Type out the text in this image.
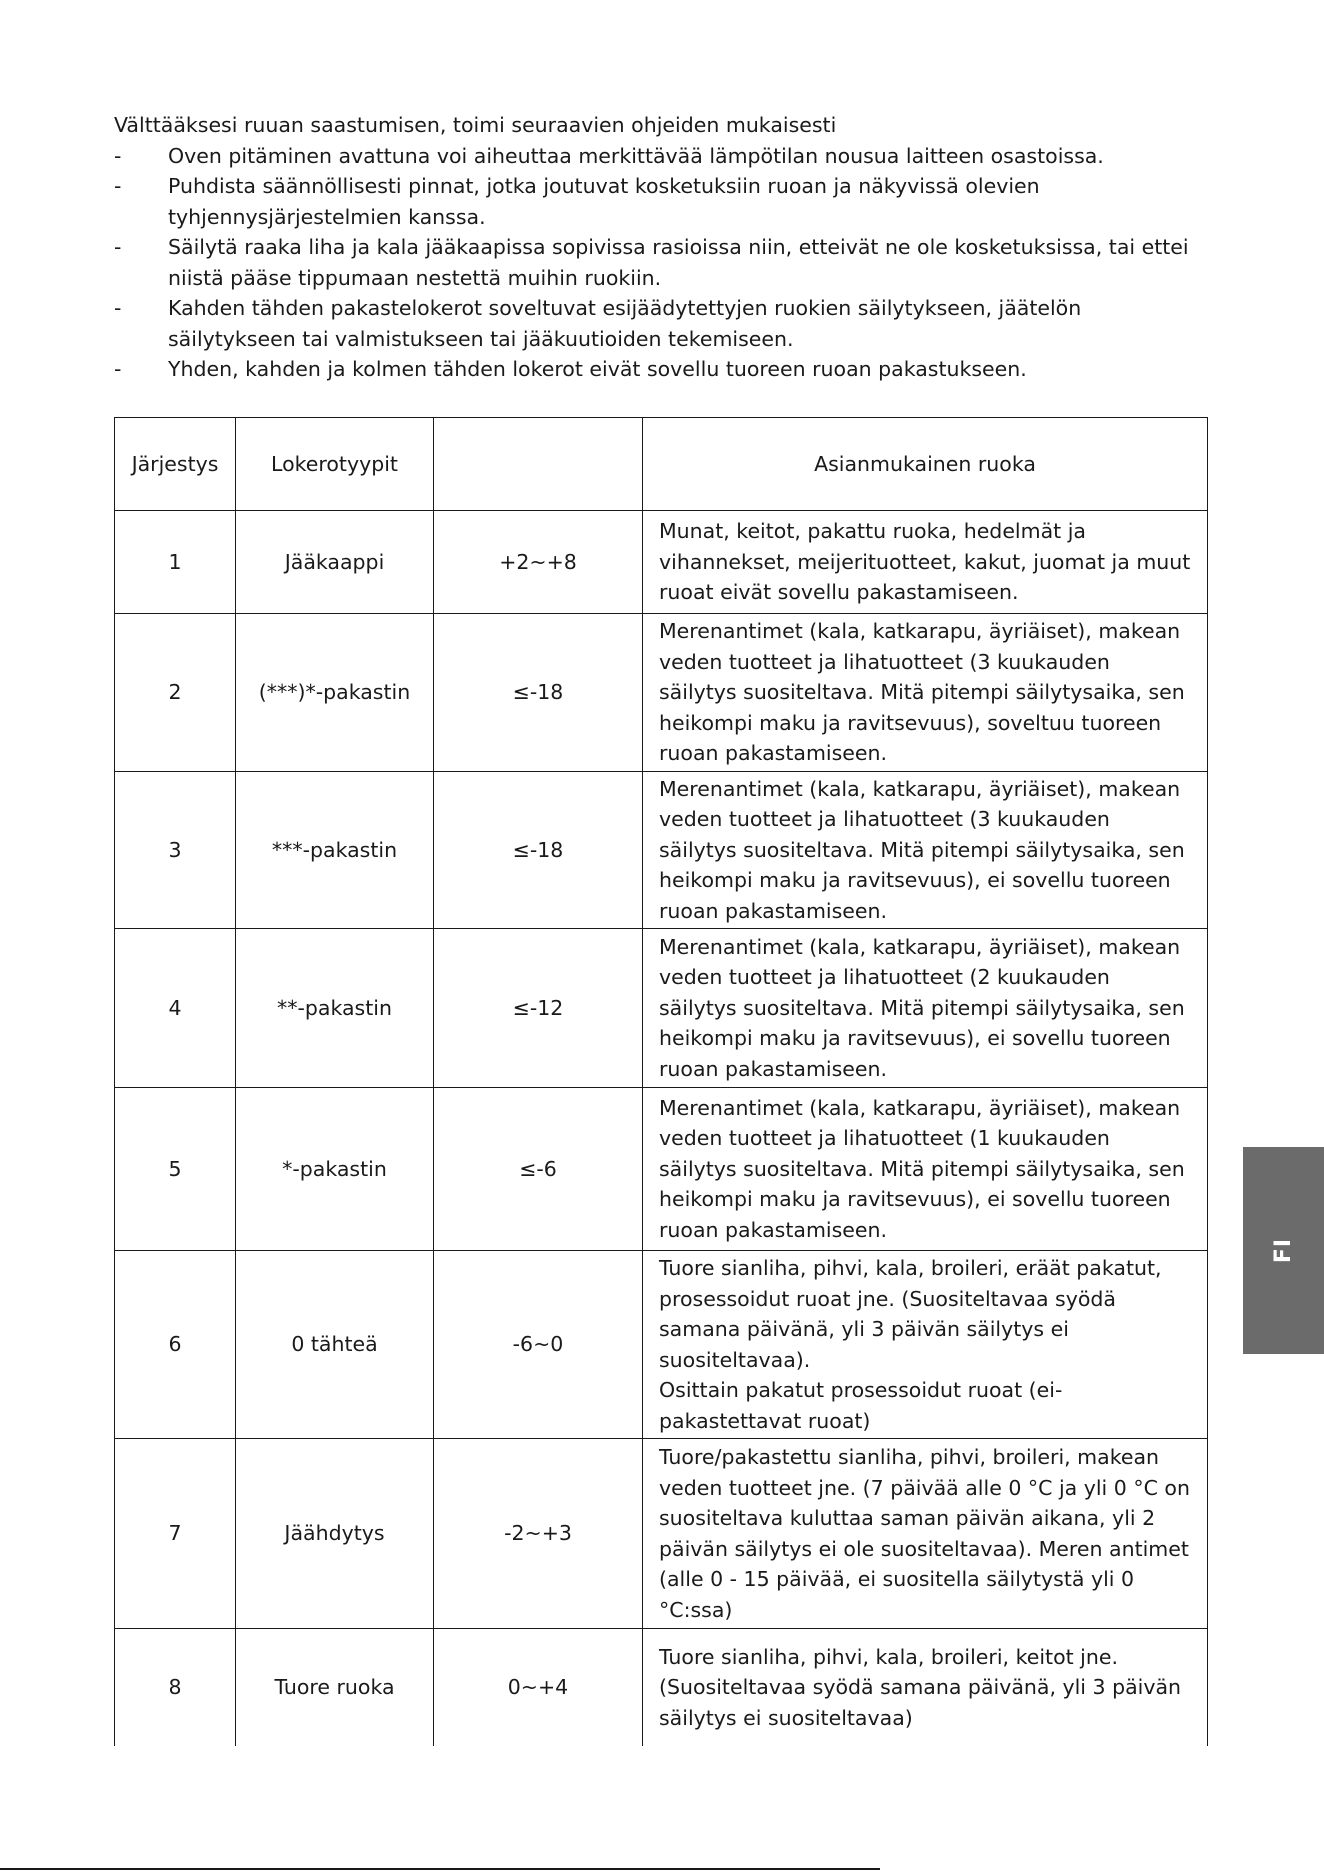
Välttääksesi ruuan saastumisen, toimi seuraavien ohjeiden mukaisesti

- Oven pitäminen avattuna voi aiheuttaa merkittävää lämpötilan nousua laitteen osastoissa.
- Puhdista säännöllisesti pinnat, jotka joutuvat kosketuksiin ruoan ja näkyvissä olevien tyhjennysjärjestelmien kanssa.
- Säilytä raaka liha ja kala jääkaapissa sopivissa rasioissa niin, etteivät ne ole kosketuksissa, tai ettei niistä pääse tippumaan nestettä muihin ruokiin.
- Kahden tähden pakastelokerot soveltuvat esijäädytettyjen ruokien säilytykseen, jäätelön säilytykseen tai valmistukseen tai jääkuutioiden tekemiseen.
- Yhden, kahden ja kolmen tähden lokerot eivät sovellu tuoreen ruoan pakastukseen.
Järjestys	Lokerotyypit		Asianmukainen ruoka
1	Jääkaappi	+2~+8	Munat, keitot, pakattu ruoka, hedelmät ja vihannekset, meijerituotteet, kakut, juomat ja muut ruoat eivät sovellu pakastamiseen.
2	(***)*-pakastin	≤-18	Merenantimet (kala, katkarapu, äyriäiset), makean veden tuotteet ja lihatuotteet (3 kuukauden säilytys suositeltava. Mitä pitempi säilytysaika, sen heikompi maku ja ravitsevuus), soveltuu tuoreen ruoan pakastamiseen.
3	***-pakastin	≤-18	Merenantimet (kala, katkarapu, äyriäiset), makean veden tuotteet ja lihatuotteet (3 kuukauden säilytys suositeltava. Mitä pitempi säilytysaika, sen heikompi maku ja ravitsevuus), ei sovellu tuoreen ruoan pakastamiseen.
4	**-pakastin	≤-12	Merenantimet (kala, katkarapu, äyriäiset), makean veden tuotteet ja lihatuotteet (2 kuukauden säilytys suositeltava. Mitä pitempi säilytysaika, sen heikompi maku ja ravitsevuus), ei sovellu tuoreen ruoan pakastamiseen.
5	*-pakastin	≤-6	Merenantimet (kala, katkarapu, äyriäiset), makean veden tuotteet ja lihatuotteet (1 kuukauden säilytys suositeltava. Mitä pitempi säilytysaika, sen heikompi maku ja ravitsevuus), ei sovellu tuoreen ruoan pakastamiseen.
6	0 tähteä	-6~0	Tuore sianliha, pihvi, kala, broileri, eräät pakatut, prosessoidut ruoat jne. (Suositeltavaa syödä samana päivänä, yli 3 päivän säilytys ei suositeltavaa).
Osittain pakatut prosessoidut ruoat (ei-pakastettavat ruoat)

7	Jäähdytys	-2~+3	Tuore/pakastettu sianliha, pihvi, broileri, makean veden tuotteet jne. (7 päivää alle 0 °C ja yli 0 °C on suositeltava kuluttaa saman päivän aikana, yli 2 päivän säilytys ei ole suositeltavaa). Meren antimet (alle 0 - 15 päivää, ei suositella säilytystä yli 0 °C:ssa)
8	Tuore ruoka	0~+4	Tuore sianliha, pihvi, kala, broileri, keitot jne. (Suositeltavaa syödä samana päivänä, yli 3 päivän säilytys ei suositeltavaa)
FI
